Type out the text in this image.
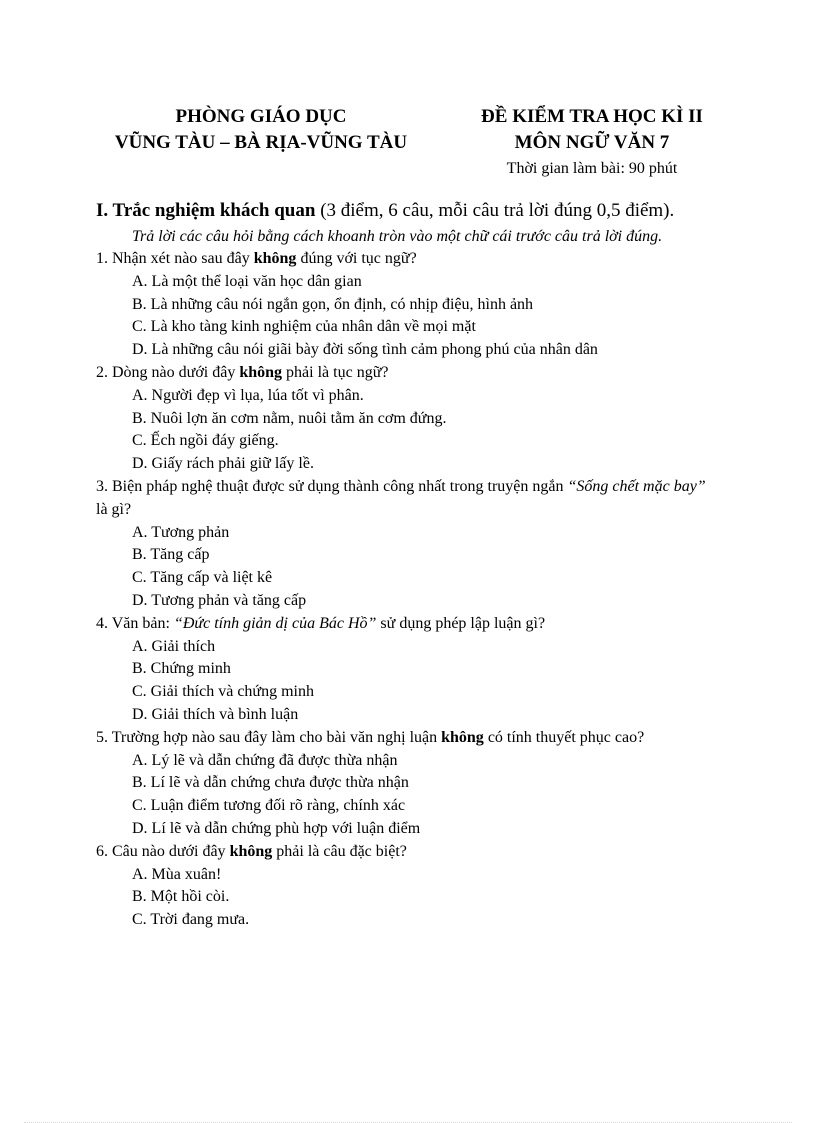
PHÒNG GIÁO DỤC
VŨNG TÀU – BÀ RỊA-VŨNG TÀU
ĐỀ KIỂM TRA HỌC KÌ II
MÔN NGỮ VĂN 7
Thời gian làm bài: 90 phút

I. Trắc nghiệm khách quan (3 điểm, 6 câu, mỗi câu trả lời đúng 0,5 điểm).

Trả lời các câu hỏi bằng cách khoanh tròn vào một chữ cái trước câu trả lời đúng.

1. Nhận xét nào sau đây không đúng với tục ngữ?

A. Là một thể loại văn học dân gian
B. Là những câu nói ngắn gọn, ổn định, có nhịp điệu, hình ảnh
C. Là kho tàng kinh nghiệm của nhân dân về mọi mặt
D. Là những câu nói giãi bày đời sống tình cảm phong phú của nhân dân

2. Dòng nào dưới đây không phải là tục ngữ?

A. Người đẹp vì lụa, lúa tốt vì phân.
B. Nuôi lợn ăn cơm nằm, nuôi tằm ăn cơm đứng.
C. Ếch ngồi đáy giếng.
D. Giấy rách phải giữ lấy lề.

3. Biện pháp nghệ thuật được sử dụng thành công nhất trong truyện ngắn “Sống chết mặc bay” là gì?

A. Tương phản
B. Tăng cấp
C. Tăng cấp và liệt kê
D. Tương phản và tăng cấp

4. Văn bản: “Đức tính giản dị của Bác Hồ” sử dụng phép lập luận gì?

A. Giải thích
B. Chứng minh
C. Giải thích và chứng minh
D. Giải thích và bình luận

5. Trường hợp nào sau đây làm cho bài văn nghị luận không có tính thuyết phục cao?

A. Lý lẽ và dẫn chứng đã được thừa nhận
B. Lí lẽ và dẫn chứng chưa được thừa nhận
C. Luận điểm tương đối rõ ràng, chính xác
D. Lí lẽ và dẫn chứng phù hợp với luận điểm

6. Câu nào dưới đây không phải là câu đặc biệt?

A. Mùa xuân!
B. Một hồi còi.
C. Trời đang mưa.
